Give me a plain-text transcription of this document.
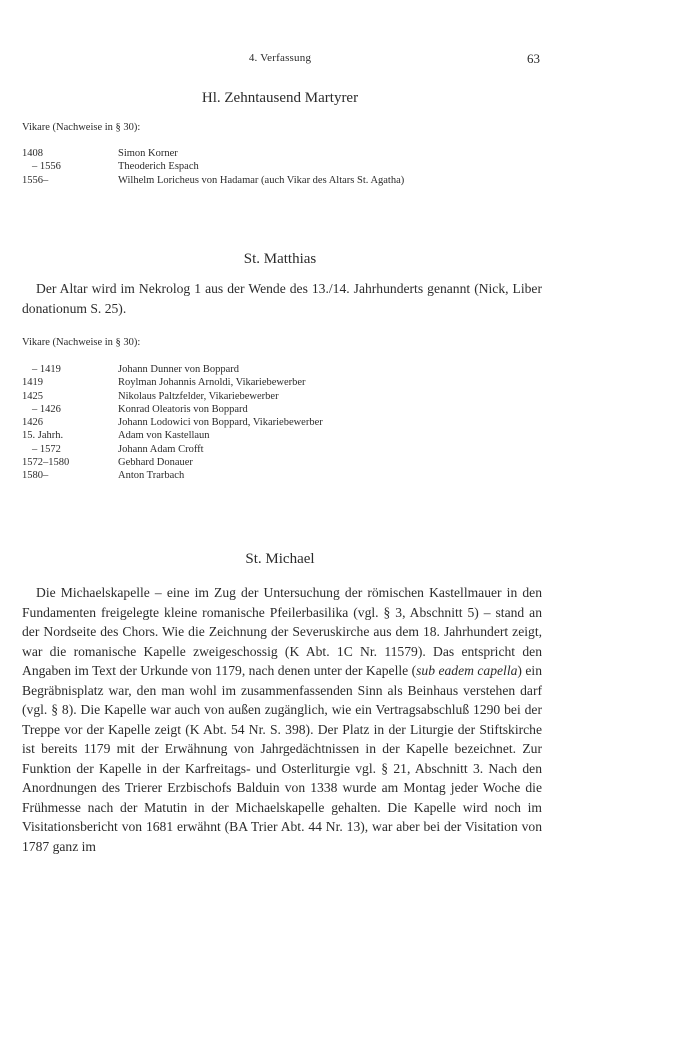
4. Verfassung	63
Hl. Zehntausend Martyrer
Vikare (Nachweise in § 30):
1408	Simon Korner
– 1556	Theoderich Espach
1556–	Wilhelm Loricheus von Hadamar (auch Vikar des Altars St. Agatha)
St. Matthias

Der Altar wird im Nekrolog 1 aus der Wende des 13./14. Jahrhunderts genannt (Nick, Liber donationum S. 25).

Vikare (Nachweise in § 30):
– 1419	Johann Dunner von Boppard
1419	Roylman Johannis Arnoldi, Vikariebewerber
1425	Nikolaus Paltzfelder, Vikariebewerber
– 1426	Konrad Oleatoris von Boppard
1426	Johann Lodowici von Boppard, Vikariebewerber
15. Jahrh.	Adam von Kastellaun
– 1572	Johann Adam Crofft
1572–1580	Gebhard Donauer
1580–	Anton Trarbach
St. Michael

Die Michaelskapelle – eine im Zug der Untersuchung der römischen Kastellmauer in den Fundamenten freigelegte kleine romanische Pfeilerbasilika (vgl. § 3, Abschnitt 5) – stand an der Nordseite des Chors. Wie die Zeichnung der Severuskirche aus dem 18. Jahrhundert zeigt, war die romanische Kapelle zweigeschossig (K Abt. 1C Nr. 11579). Das entspricht den Angaben im Text der Urkunde von 1179, nach denen unter der Kapelle (sub eadem capella) ein Begräbnisplatz war, den man wohl im zusammenfassenden Sinn als Beinhaus verstehen darf (vgl. § 8). Die Kapelle war auch von außen zugänglich, wie ein Vertragsabschluß 1290 bei der Treppe vor der Kapelle zeigt (K Abt. 54 Nr. S. 398). Der Platz in der Liturgie der Stiftskirche ist bereits 1179 mit der Erwähnung von Jahrgedächtnissen in der Kapelle bezeichnet. Zur Funktion der Kapelle in der Karfreitags- und Osterliturgie vgl. § 21, Abschnitt 3. Nach den Anordnungen des Trierer Erzbischofs Balduin von 1338 wurde am Montag jeder Woche die Frühmesse nach der Matutin in der Michaelskapelle gehalten. Die Kapelle wird noch im Visitationsbericht von 1681 erwähnt (BA Trier Abt. 44 Nr. 13), war aber bei der Visitation von 1787 ganz im
